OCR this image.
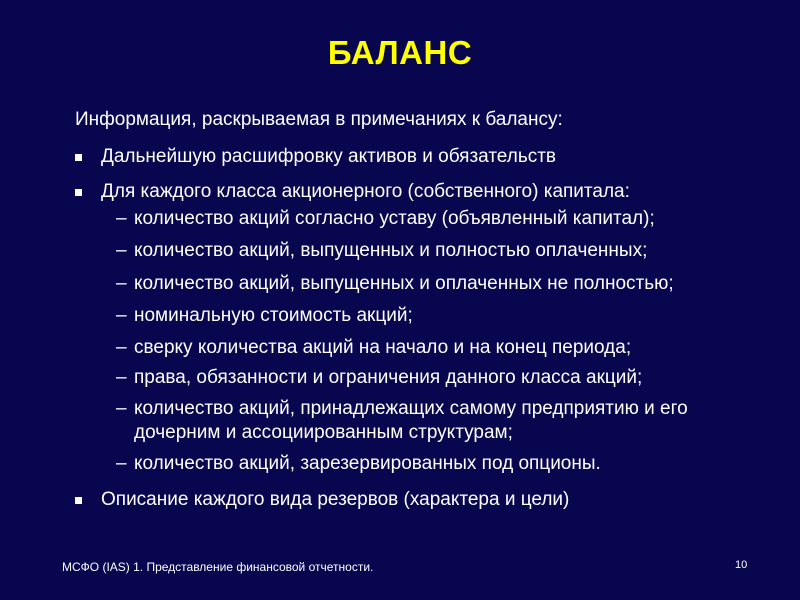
БАЛАНС
Информация, раскрываемая в примечаниях к балансу:
Дальнейшую расшифровку активов и обязательств
Для каждого класса акционерного (собственного) капитала:
– количество акций согласно уставу (объявленный капитал);
– количество акций, выпущенных и полностью оплаченных;
– количество акций, выпущенных и оплаченных не полностью;
– номинальную стоимость акций;
– сверку количества акций на начало и на конец периода;
– права, обязанности и ограничения данного класса акций;
– количество акций, принадлежащих самому предприятию и его дочерним и ассоциированным структурам;
– количество акций, зарезервированных под опционы.
Описание каждого вида резервов (характера и цели)
МСФО (IAS) 1. Представление финансовой отчетности.	10
